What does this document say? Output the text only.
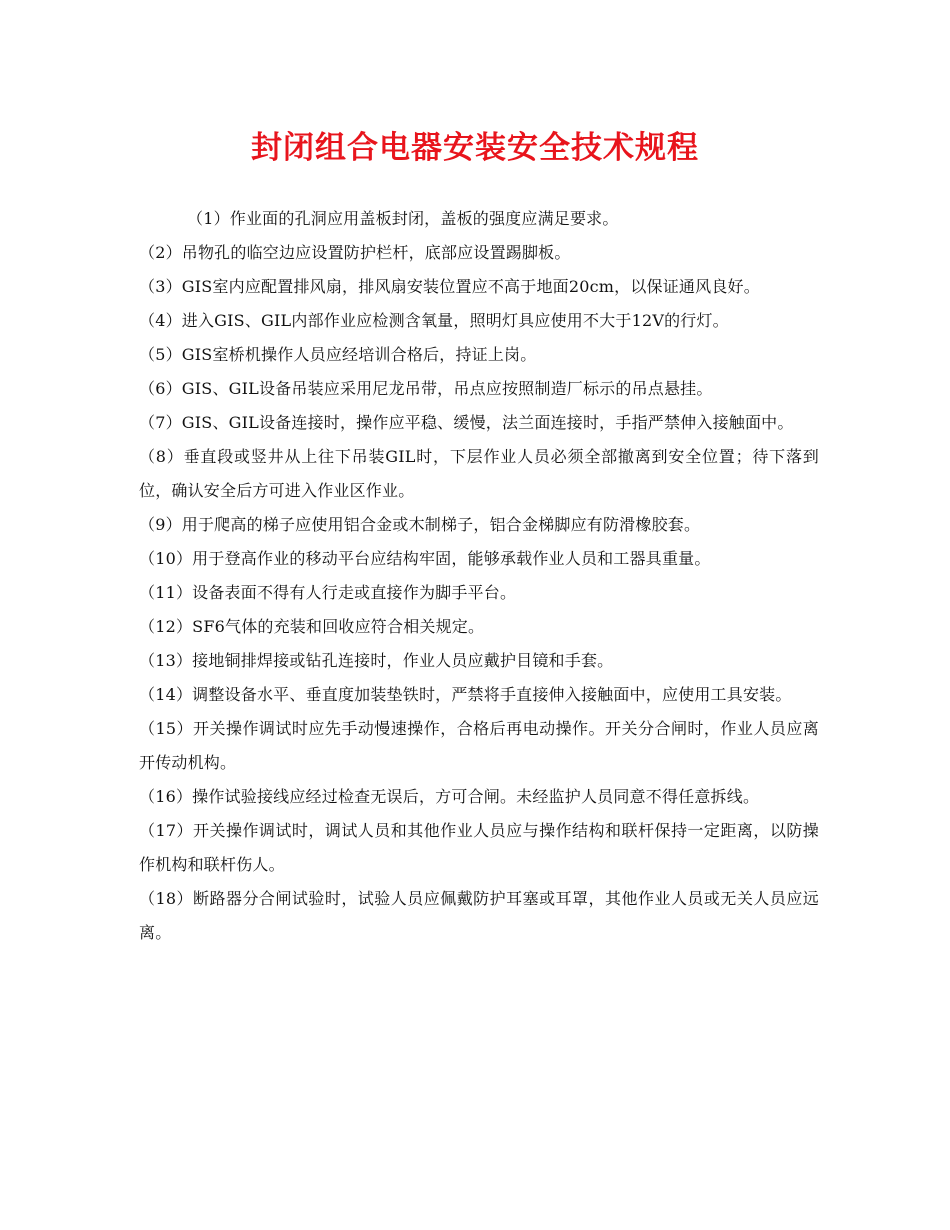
封闭组合电器安装安全技术规程

（1）作业面的孔洞应用盖板封闭，盖板的强度应满足要求。

（2）吊物孔的临空边应设置防护栏杆，底部应设置踢脚板。

（3）GIS室内应配置排风扇，排风扇安装位置应不高于地面20cm，以保证通风良好。

（4）进入GIS、GIL内部作业应检测含氧量，照明灯具应使用不大于12V的行灯。

（5）GIS室桥机操作人员应经培训合格后，持证上岗。

（6）GIS、GIL设备吊装应采用尼龙吊带，吊点应按照制造厂标示的吊点悬挂。

（7）GIS、GIL设备连接时，操作应平稳、缓慢，法兰面连接时，手指严禁伸入接触面中。

（8）垂直段或竖井从上往下吊装GIL时，下层作业人员必须全部撤离到安全位置；待下落到位，确认安全后方可进入作业区作业。

（9）用于爬高的梯子应使用铝合金或木制梯子，铝合金梯脚应有防滑橡胶套。

（10）用于登高作业的移动平台应结构牢固，能够承载作业人员和工器具重量。

（11）设备表面不得有人行走或直接作为脚手平台。

（12）SF6气体的充装和回收应符合相关规定。

（13）接地铜排焊接或钻孔连接时，作业人员应戴护目镜和手套。

（14）调整设备水平、垂直度加装垫铁时，严禁将手直接伸入接触面中，应使用工具安装。

（15）开关操作调试时应先手动慢速操作，合格后再电动操作。开关分合闸时，作业人员应离开传动机构。

（16）操作试验接线应经过检查无误后，方可合闸。未经监护人员同意不得任意拆线。

（17）开关操作调试时，调试人员和其他作业人员应与操作结构和联杆保持一定距离，以防操作机构和联杆伤人。

（18）断路器分合闸试验时，试验人员应佩戴防护耳塞或耳罩，其他作业人员或无关人员应远离。
